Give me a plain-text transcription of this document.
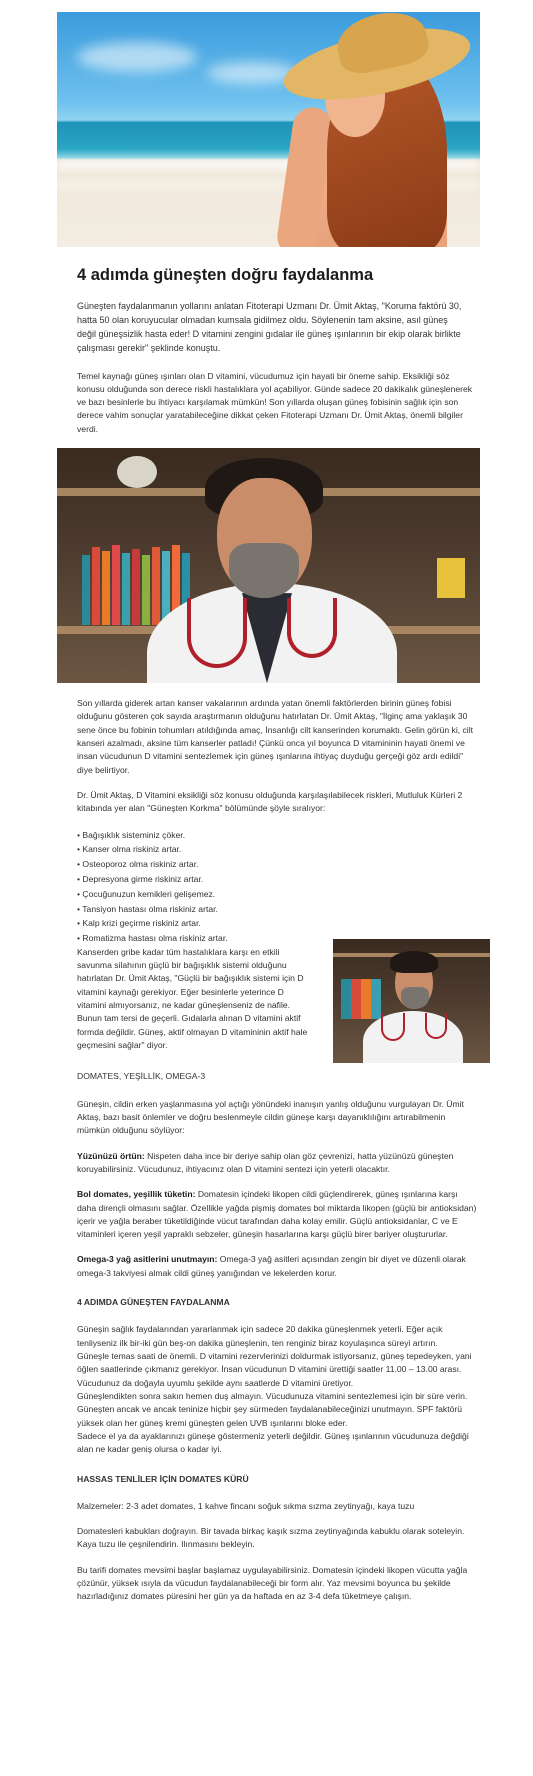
4 adımda güneşten doğru faydalanma
Güneşten faydalanmanın yollarını anlatan Fitoterapi Uzmanı Dr. Ümit Aktaş, "Koruma faktörü 30, hatta 50 olan koruyucular olmadan kumsala gidilmez oldu. Söylenenin tam aksine, asıl güneş değil güneşsizlik hasta eder! D vitamini zengini gıdalar ile güneş ışınlarının bir ekip olarak birlikte çalışması gerekir" şeklinde konuştu.

Temel kaynağı güneş ışınları olan D vitamini, vücudumuz için hayati bir öneme sahip. Eksikliği söz konusu olduğunda son derece riskli hastalıklara yol açabiliyor. Günde sadece 20 dakikalık güneşlenerek ve bazı besinlerle bu ihtiyacı karşılamak mümkün! Son yıllarda oluşan güneş fobisinin sağlık için son derece vahim sonuçlar yaratabileceğine dikkat çeken Fitoterapi Uzmanı Dr. Ümit Aktaş, önemli bilgiler verdi.

Son yıllarda giderek artan kanser vakalarının ardında yatan önemli faktörlerden birinin güneş fobisi olduğunu gösteren çok sayıda araştırmanın olduğunu hatırlatan Dr. Ümit Aktaş, "İlginç ama yaklaşık 30 sene önce bu fobinin tohumları atıldığında amaç, İnsanlığı cilt kanserinden korumaktı. Gelin görün ki, cilt kanseri azalmadı, aksine tüm kanserler patladı! Çünkü onca yıl boyunca D vitamininin hayati önemi ve insan vücudunun D vitamini sentezlemek için güneş ışınlarına ihtiyaç duyduğu gerçeği göz ardı edildi" diye belirtiyor.

Dr. Ümit Aktaş, D Vitamini eksikliği söz konusu olduğunda karşılaşılabilecek riskleri, Mutluluk Kürleri 2 kitabında yer alan "Güneşten Korkma" bölümünde şöyle sıralıyor:

• Bağışıklık sisteminiz çöker.
• Kanser olma riskiniz artar.
• Osteoporoz olma riskiniz artar.
• Depresyona girme riskiniz artar.
• Çocuğunuzun kemikleri gelişemez.
• Tansiyon hastası olma riskiniz artar.
• Kalp krizi geçirme riskiniz artar.
• Romatizma hastası olma riskiniz artar.
Kanserden gribe kadar tüm hastalıklara karşı en etkili savunma silahının güçlü bir bağışıklık sistemi olduğunu hatırlatan Dr. Ümit Aktaş, "Güçlü bir bağışıklık sistemi için D vitamini kaynağı gerekiyor. Eğer besinlerle yeterince D vitamini almıyorsanız, ne kadar güneşlenseniz de nafile. Bunun tam tersi de geçerli. Gıdalarla alınan D vitamini aktif formda değildir. Güneş, aktif olmayan D vitamininin aktif hale geçmesini sağlar" diyor.
DOMATES, YEŞİLLİK, OMEGA-3

Güneşin, cildin erken yaşlanmasına yol açtığı yönündeki inanışın yanlış olduğunu vurgulayan Dr. Ümit Aktaş, bazı basit önlemler ve doğru beslenmeyle cildin güneşe karşı dayanıklılığını artırabilmenin mümkün olduğunu söylüyor:

Yüzünüzü örtün: Nispeten daha ince bir deriye sahip olan göz çevrenizi, hatta yüzünüzü güneşten koruyabilirsiniz. Vücudunuz, ihtiyacınız olan D vitamini sentezi için yeterli olacaktır.

Bol domates, yeşillik tüketin: Domatesin içindeki likopen cildi güçlendirerek, güneş ışınlarına karşı daha dirençli olmasını sağlar. Özellikle yağda pişmiş domates bol miktarda likopen (güçlü bir antioksidan) içerir ve yağla beraber tüketildiğinde vücut tarafından daha kolay emilir. Güçlü antioksidanlar, C ve E vitaminleri içeren yeşil yapraklı sebzeler, güneşin hasarlarına karşı güçlü birer bariyer oluştururlar.

Omega-3 yağ asitlerini unutmayın: Omega-3 yağ asitleri açısından zengin bir diyet ve düzenli olarak omega-3 takviyesi almak cildi güneş yanığından ve lekelerden korur.

4 ADIMDA GÜNEŞTEN FAYDALANMA
Güneşin sağlık faydalarından yararlanmak için sadece 20 dakika güneşlenmek yeterli. Eğer açık tenliyseniz ilk bir-iki gün beş-on dakika güneşlenin, ten renginiz biraz koyulaşınca süreyi artırın.
Güneşle temas saati de önemli. D vitamini rezervlerinizi doldurmak istiyorsanız, güneş tepedeyken, yani öğlen saatlerinde çıkmanız gerekiyor. İnsan vücudunun D vitamini ürettiği saatler 11.00 – 13.00 arası. Vücudunuz da doğayla uyumlu şekilde aynı saatlerde D vitamini üretiyor.
Güneşlendikten sonra sakın hemen duş almayın. Vücudunuza vitamini sentezlemesi için bir süre verin.
Güneşten ancak ve ancak teninize hiçbir şey sürmeden faydalanabileceğinizi unutmayın. SPF faktörü yüksek olan her güneş kremi güneşten gelen UVB ışınlarını bloke eder.
Sadece el ya da ayaklarınızı güneşe göstermeniz yeterli değildir. Güneş ışınlarının vücudunuza değdiği alan ne kadar geniş olursa o kadar iyi.
HASSAS TENLİLER İÇİN DOMATES KÜRÜ

Malzemeler: 2-3 adet domates, 1 kahve fincanı soğuk sıkma sızma zeytinyağı, kaya tuzu

Domatesleri kabukları doğrayın. Bir tavada birkaç kaşık sızma zeytinyağında kabuklu olarak soteleyin. Kaya tuzu ile çeşnilendirin. Ilınmasını bekleyin.

Bu tarifi domates mevsimi başlar başlamaz uygulayabilirsiniz. Domatesin içindeki likopen vücutta yağla çözünür, yüksek ısıyla da vücudun faydalanabileceği bir form alır. Yaz mevsimi boyunca bu şekilde hazırladığınız domates püresini her gün ya da haftada en az 3-4 defa tüketmeye çalışın.
